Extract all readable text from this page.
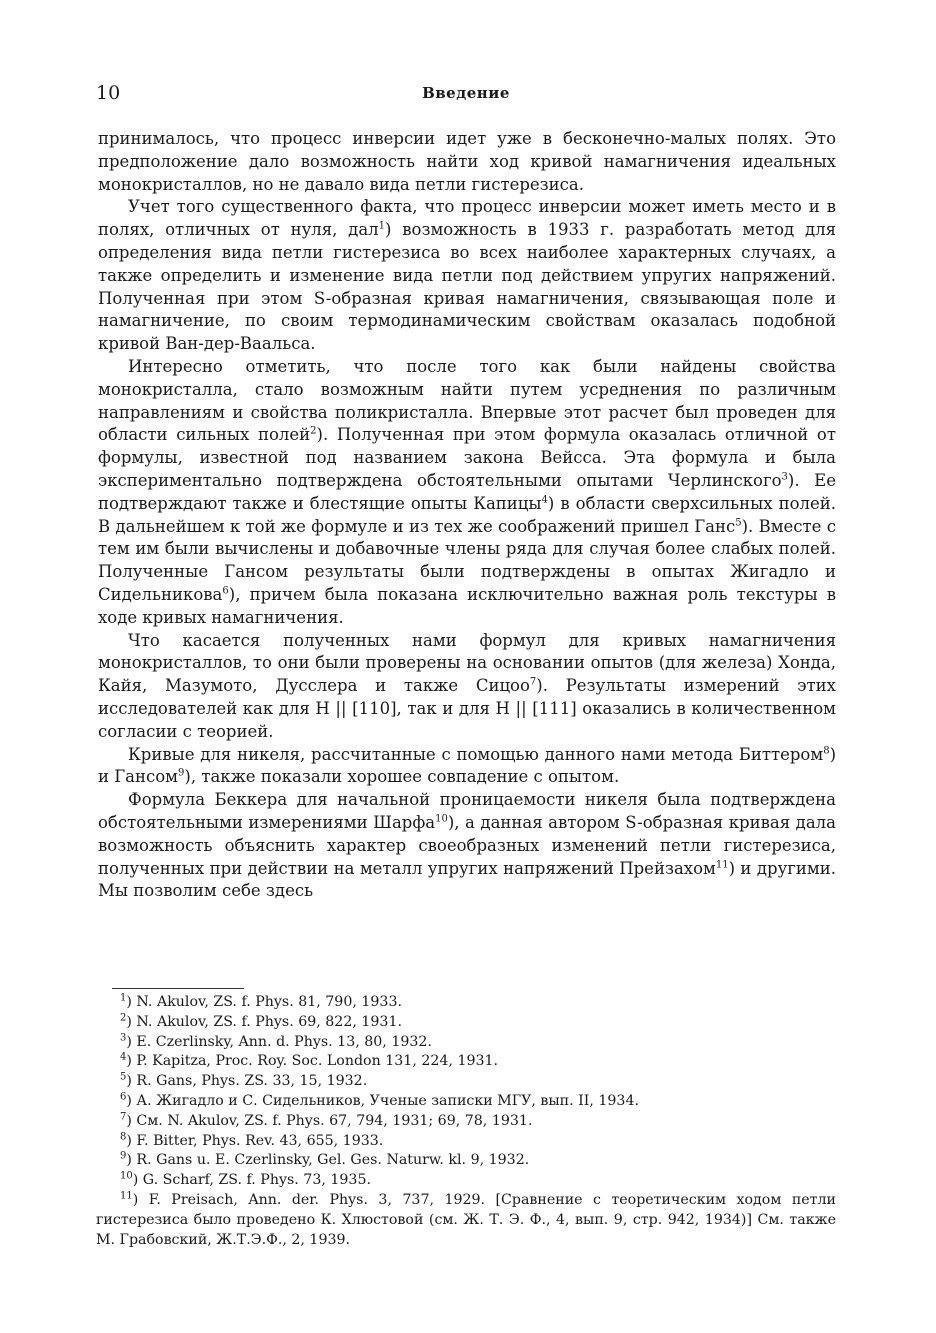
10	Введение

принималось, что процесс инверсии идет уже в бесконечно-малых полях. Это предположение дало возможность найти ход кривой намагничения идеальных монокристаллов, но не давало вида петли гистерезиса.

Учет того существенного факта, что процесс инверсии может иметь место и в полях, отличных от нуля, дал$^1$) возможность в 1933 г. разработать метод для определения вида петли гистерезиса во всех наиболее характерных случаях, а также определить и изменение вида петли под действием упругих напряжений. Полученная при этом S-образная кривая намагничения, связывающая поле и намагничение, по своим термодинамическим свойствам оказалась подобной кривой Ван-дер-Ваальса.

Интересно отметить, что после того как были найдены свойства монокристалла, стало возможным найти путем усреднения по различным направлениям и свойства поликристалла. Впервые этот расчет был проведен для области сильных полей$^2$). Полученная при этом формула оказалась отличной от формулы, известной под названием закона Вейсса. Эта формула и была экспериментально подтверждена обстоятельными опытами Черлинского$^3$). Ее подтверждают также и блестящие опыты Капицы$^4$) в области сверхсильных полей. В дальнейшем к той же формуле и из тех же соображений пришел Ганс$^5$). Вместе с тем им были вычислены и добавочные члены ряда для случая более слабых полей. Полученные Гансом результаты были подтверждены в опытах Жигадло и Сидельникова$^6$), причем была показана исключительно важная роль текстуры в ходе кривых намагничения.

Что касается полученных нами формул для кривых намагничения монокристаллов, то они были проверены на основании опытов (для железа) Хонда, Кайя, Мазумото, Дусслера и также Сицоо$^7$). Результаты измерений этих исследователей как для H || [110], так и для H || [111] оказались в количественном согласии с теорией.

Кривые для никеля, рассчитанные с помощью данного нами метода Биттером$^8$) и Гансом$^9$), также показали хорошее совпадение с опытом.

Формула Беккера для начальной проницаемости никеля была подтверждена обстоятельными измерениями Шарфа$^{10}$), а данная автором S-образная кривая дала возможность объяснить характер своеобразных изменений петли гистерезиса, полученных при действии на металл упругих напряжений Прейзахом$^{11}$) и другими. Мы позволим себе здесь

$^1$) N. Akulov, ZS. f. Phys. 81, 790, 1933.

$^2$) N. Akulov, ZS. f. Phys. 69, 822, 1931.

$^3$) E. Czerlinsky, Ann. d. Phys. 13, 80, 1932.

$^4$) P. Kapitza, Proc. Roy. Soc. London 131, 224, 1931.

$^5$) R. Gans, Phys. ZS. 33, 15, 1932.

$^6$) А. Жигадло и С. Сидельников, Ученые записки МГУ, вып. II, 1934.

$^7$) См. N. Akulov, ZS. f. Phys. 67, 794, 1931; 69, 78, 1931.

$^8$) F. Bitter, Phys. Rev. 43, 655, 1933.

$^9$) R. Gans u. E. Czerlinsky, Gel. Ges. Naturw. kl. 9, 1932.

$^{10}$) G. Scharf, ZS. f. Phys. 73, 1935.

$^{11}$) F. Preisach, Ann. der. Phys. 3, 737, 1929. [Сравнение с теоретическим ходом петли гистерезиса было проведено К. Хлюстовой (см. Ж. Т. Э. Ф., 4, вып. 9, стр. 942, 1934)] См. также М. Грабовский, Ж.Т.Э.Ф., 2, 1939.
